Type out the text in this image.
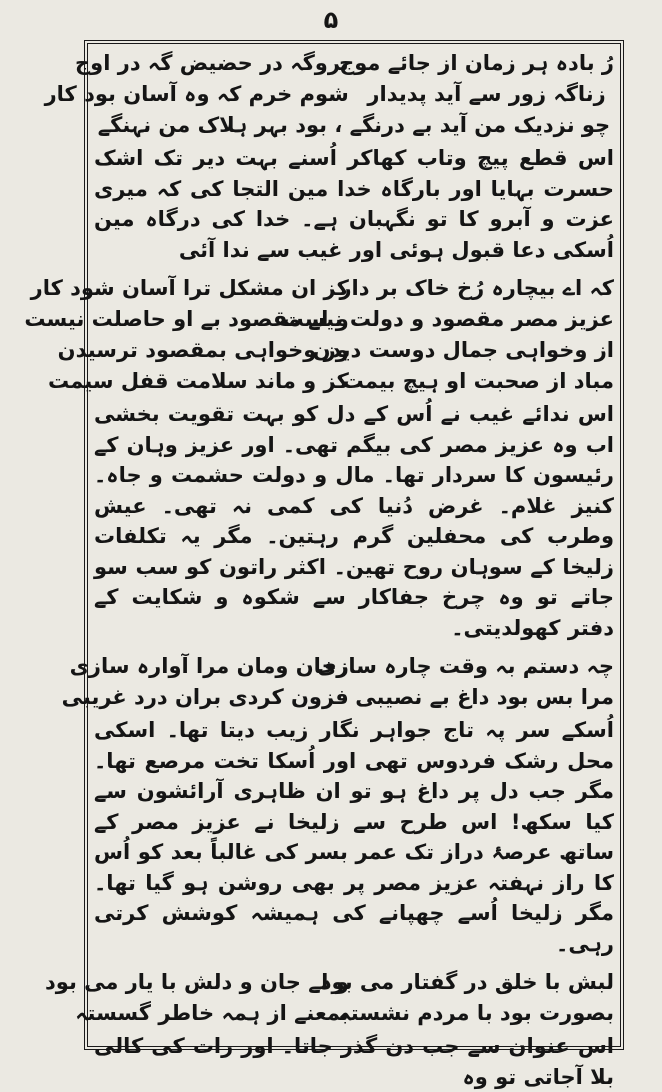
۵
رُ بادہ ہر زمان از جائے موج
بروگہ در حضیض گہ در اوج
زناگہ زور سے آید پدیدار
شوم خرم کہ وہ آسان بود کار
چو نزدیک من آید بے درنگے ، بود بہر ہلاک من نہنگے
اس قطع پیچ وتاب کھاکر اُسنے بہت دیر تک اشک حسرت بہایا اور بارگاہ خدا مین التجا کی کہ میری عزت و آبرو کا تو نگہبان ہے۔ خدا کی درگاہ مین اُسکی دعا قبول ہوئی اور غیب سے ندا آئی
کہ اے بیچارہ رُخ خاک بر دار
کز ان مشکل ترا آسان شود کار
عزیز مصر مقصود و دولت نیست
و لے مقصود بے او حاصلت نیست
از وخواہی جمال دوست دیدن
وز وخواہی بمقصود ترسیدن
مباد از صحبت او ہیچ بیمت
کز و ماند سلامت قفل سیمت
اس ندائے غیب نے اُس کے دل کو بہت تقویت بخشی اب وہ عزیز مصر کی بیگم تھی۔ اور عزیز وہان کے رئیسون کا سردار تھا۔ مال و دولت حشمت و جاہ۔ کنیز غلام۔ غرض دُنیا کی کمی نہ تھی۔ عیش وطرب کی محفلین گرم رہتین۔ مگر یہ تکلفات زلیخا کے سوہان روح تھین۔ اکثر راتون کو سب سو جاتے تو وہ چرخ جفاکار سے شکوہ و شکایت کے دفتر کھولدیتی۔
چہ دستم بہ وقت چارہ سازی
زخان ومان مرا آوارہ سازی
مرا بس بود داغ بے نصیبی
فزون کردی بران درد غریبی
اُسکے سر پہ تاج جواہر نگار زیب دیتا تھا۔ اسکی محل رشک فردوس تھی اور اُسکا تخت مرصع تھا۔ مگر جب دل پر داغ ہو تو ان ظاہری آرائشون سے کیا سکھ! اس طرح سے زلیخا نے عزیز مصر کے ساتھ عرصۂ دراز تک عمر بسر کی غالباً بعد کو اُس کا راز نہفتہ عزیز مصر پر بھی روشن ہو گیا تھا۔ مگر زلیخا اُسے چھپانے کی ہمیشہ کوشش کرتی رہی۔
لبش با خلق در گفتار می بود
و لے جان و دلش با یار می بود
بصورت بود با مردم نشستہ
بمعنے از ہمہ خاطر گسستہ
اس عنوان سے جب دن گذر جاتا۔ اور رات کی کالی بلا آجاتی تو وہ
